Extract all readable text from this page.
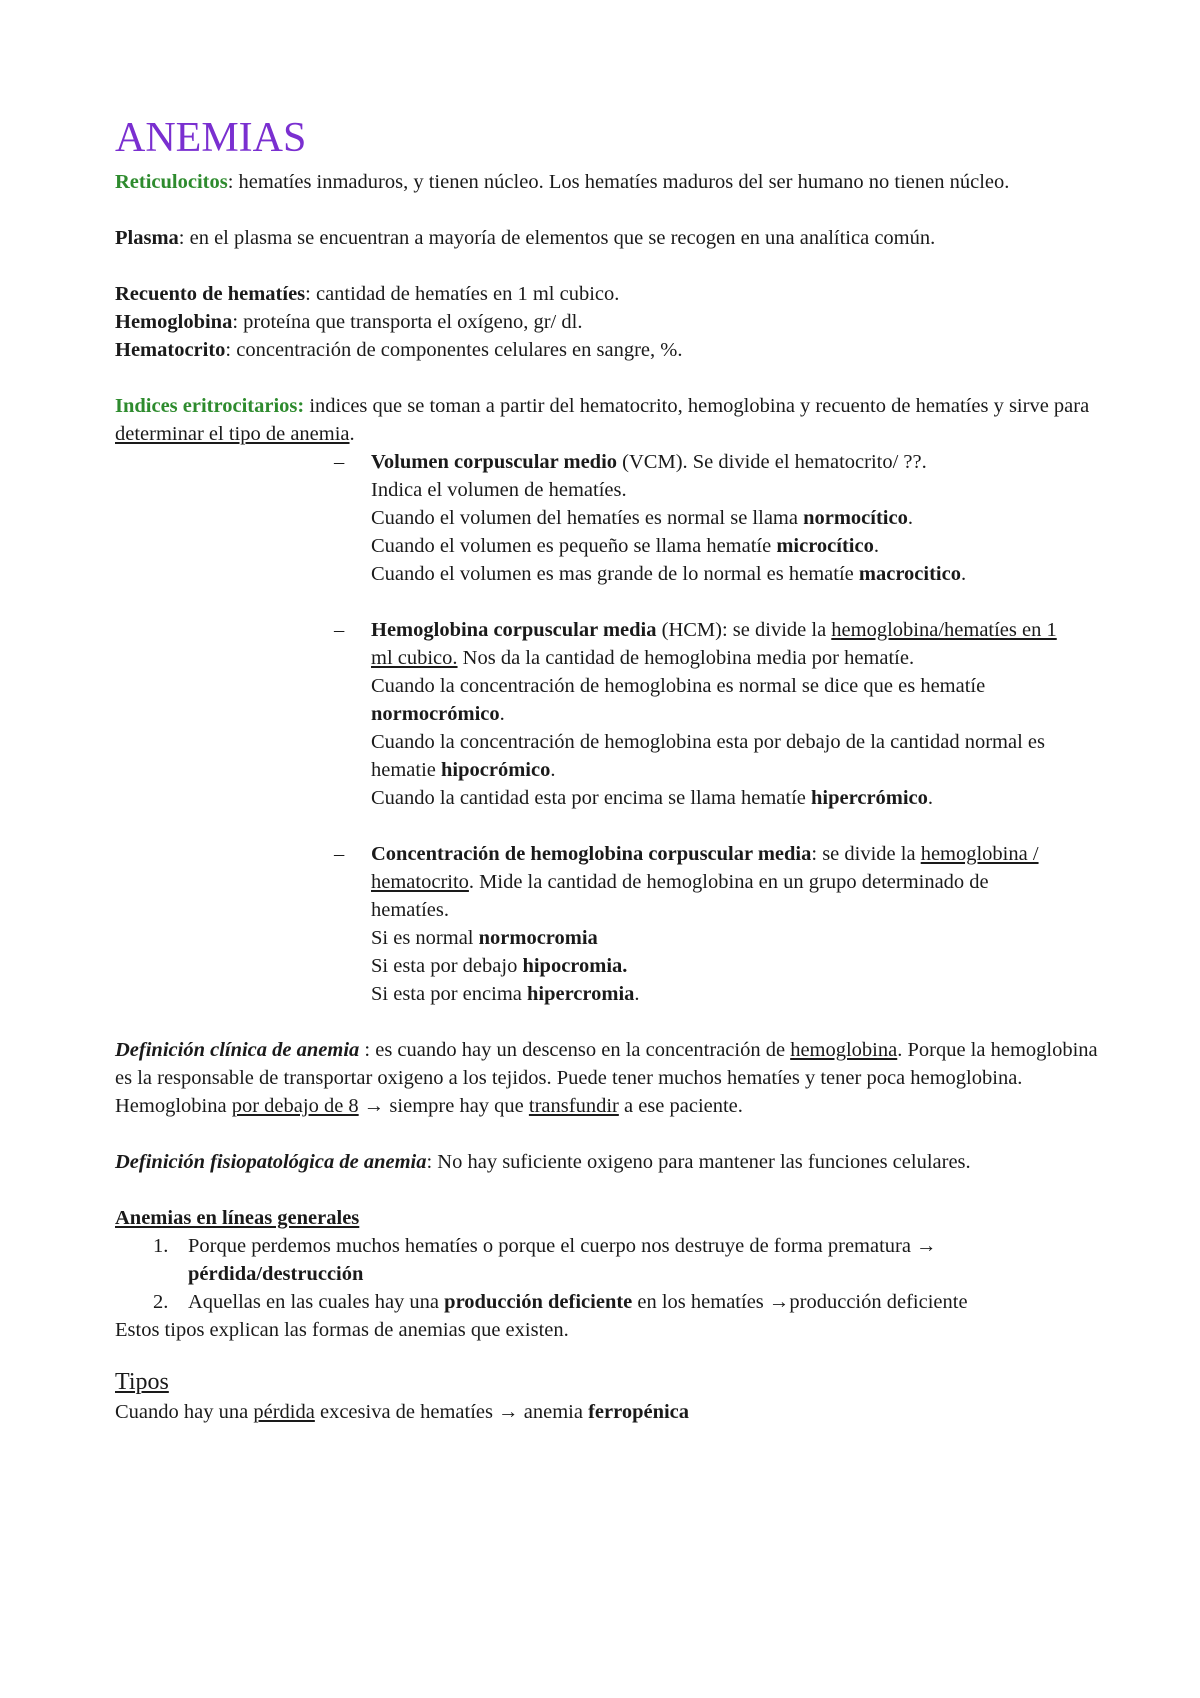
ANEMIAS

Reticulocitos: hematíes inmaduros, y tienen núcleo. Los hematíes maduros del ser humano no tienen núcleo.

Plasma: en el plasma se encuentran a mayoría de elementos que se recogen en una analítica común.

Recuento de hematíes: cantidad de hematíes en 1 ml cubico.

Hemoglobina: proteína que transporta el oxígeno, gr/ dl.

Hematocrito: concentración de componentes celulares en sangre, %.

Indices eritrocitarios: indices que se toman a partir del hematocrito, hemoglobina y recuento de hematíes y sirve para determinar el tipo de anemia.

– Volumen corpuscular medio (VCM). Se divide el hematocrito/ ??.
Indica el volumen de hematíes.
Cuando el volumen del hematíes es normal se llama normocítico.
Cuando el volumen es pequeño se llama hematíe microcítico.
Cuando el volumen es mas grande de lo normal es hematíe macrocitico.
– Hemoglobina corpuscular media (HCM): se divide la hemoglobina/hematíes en 1 ml cubico. Nos da la cantidad de hemoglobina media por hematíe.
Cuando la concentración de hemoglobina es normal se dice que es hematíe normocrómico.
Cuando la concentración de hemoglobina esta por debajo de la cantidad normal es hematie hipocrómico.
Cuando la cantidad esta por encima se llama hematíe hipercrómico.
– Concentración de hemoglobina corpuscular media: se divide la hemoglobina / hematocrito. Mide la cantidad de hemoglobina en un grupo determinado de hematíes.
Si es normal normocromia
Si esta por debajo hipocromia.
Si esta por encima hipercromia.

Definición clínica de anemia : es cuando hay un descenso en la concentración de hemoglobina. Porque la hemoglobina es la responsable de transportar oxigeno a los tejidos. Puede tener muchos hematíes y tener poca hemoglobina. Hemoglobina por debajo de 8 → siempre hay que transfundir a ese paciente.

Definición fisiopatológica de anemia: No hay suficiente oxigeno para mantener las funciones celulares.

Anemias en líneas generales

1. Porque perdemos muchos hematíes o porque el cuerpo nos destruye de forma prematura → pérdida/destrucción
2. Aquellas en las cuales hay una producción deficiente en los hematíes →producción deficiente

Estos tipos explican las formas de anemias que existen.

Tipos

Cuando hay una pérdida excesiva de hematíes → anemia ferropénica
